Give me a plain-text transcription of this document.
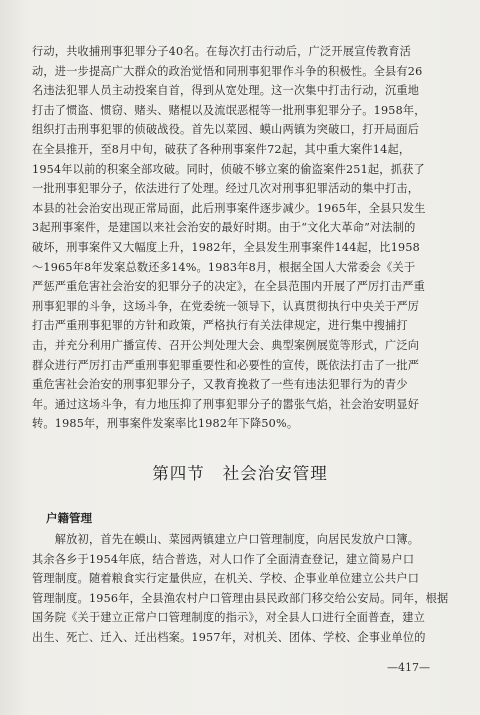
行动，共收捕刑事犯罪分子40名。在每次打击行动后，广泛开展宣传教育活

动，进一步提高广大群众的政治觉悟和同刑事犯罪作斗争的积极性。全县有26

名违法犯罪人员主动投案自首，得到从宽处理。这一次集中打击行动，沉重地

打击了惯盗、惯窃、赌头、赌棍以及流氓恶棍等一批刑事犯罪分子。1958年，

组织打击刑事犯罪的侦破战役。首先以菜园、蟆山两镇为突破口，打开局面后

在全县推开，至8月中旬，破获了各种刑事案件72起，其中重大案件14起，

1954年以前的积案全部攻破。同时，侦破不够立案的偷盗案件251起，抓获了

一批刑事犯罪分子，依法进行了处理。经过几次对刑事犯罪活动的集中打击，

本县的社会治安出现正常局面，此后刑事案件逐步减少。1965年，全县只发生

3起刑事案件，是建国以来社会治安的最好时期。由于“文化大革命”对法制的

破坏，刑事案件又大幅度上升，1982年，全县发生刑事案件144起，比1958

～1965年8年发案总数还多14%。1983年8月，根据全国人大常委会《关于

严惩严重危害社会治安的犯罪分子的决定》，在全县范围内开展了严厉打击严重

刑事犯罪的斗争，这场斗争，在党委统一领导下，认真贯彻执行中央关于严厉

打击严重刑事犯罪的方针和政策，严格执行有关法律规定，进行集中搜捕打

击，并充分利用广播宣传、召开公判处理大会、典型案例展览等形式，广泛向

群众进行严厉打击严重刑事犯罪重要性和必要性的宣传，既依法打击了一批严

重危害社会治安的刑事犯罪分子，又教育挽救了一些有违法犯罪行为的青少

年。通过这场斗争，有力地压抑了刑事犯罪分子的嚣张气焰，社会治安明显好

转。1985年，刑事案件发案率比1982年下降50%。

第四节 社会治安管理
户籍管理

　　解放初，首先在蟆山、菜园两镇建立户口管理制度，向居民发放户口簿。

其余各乡于1954年底，结合普选，对人口作了全面清查登记，建立简易户口

管理制度。随着粮食实行定量供应，在机关、学校、企事业单位建立公共户口

管理制度。1956年，全县渔农村户口管理由县民政部门移交给公安局。同年，根据

国务院《关于建立正常户口管理制度的指示》，对全县人口进行全面普查，建立

出生、死亡、迁入、迁出档案。1957年，对机关、团体、学校、企事业单位的

—417—
